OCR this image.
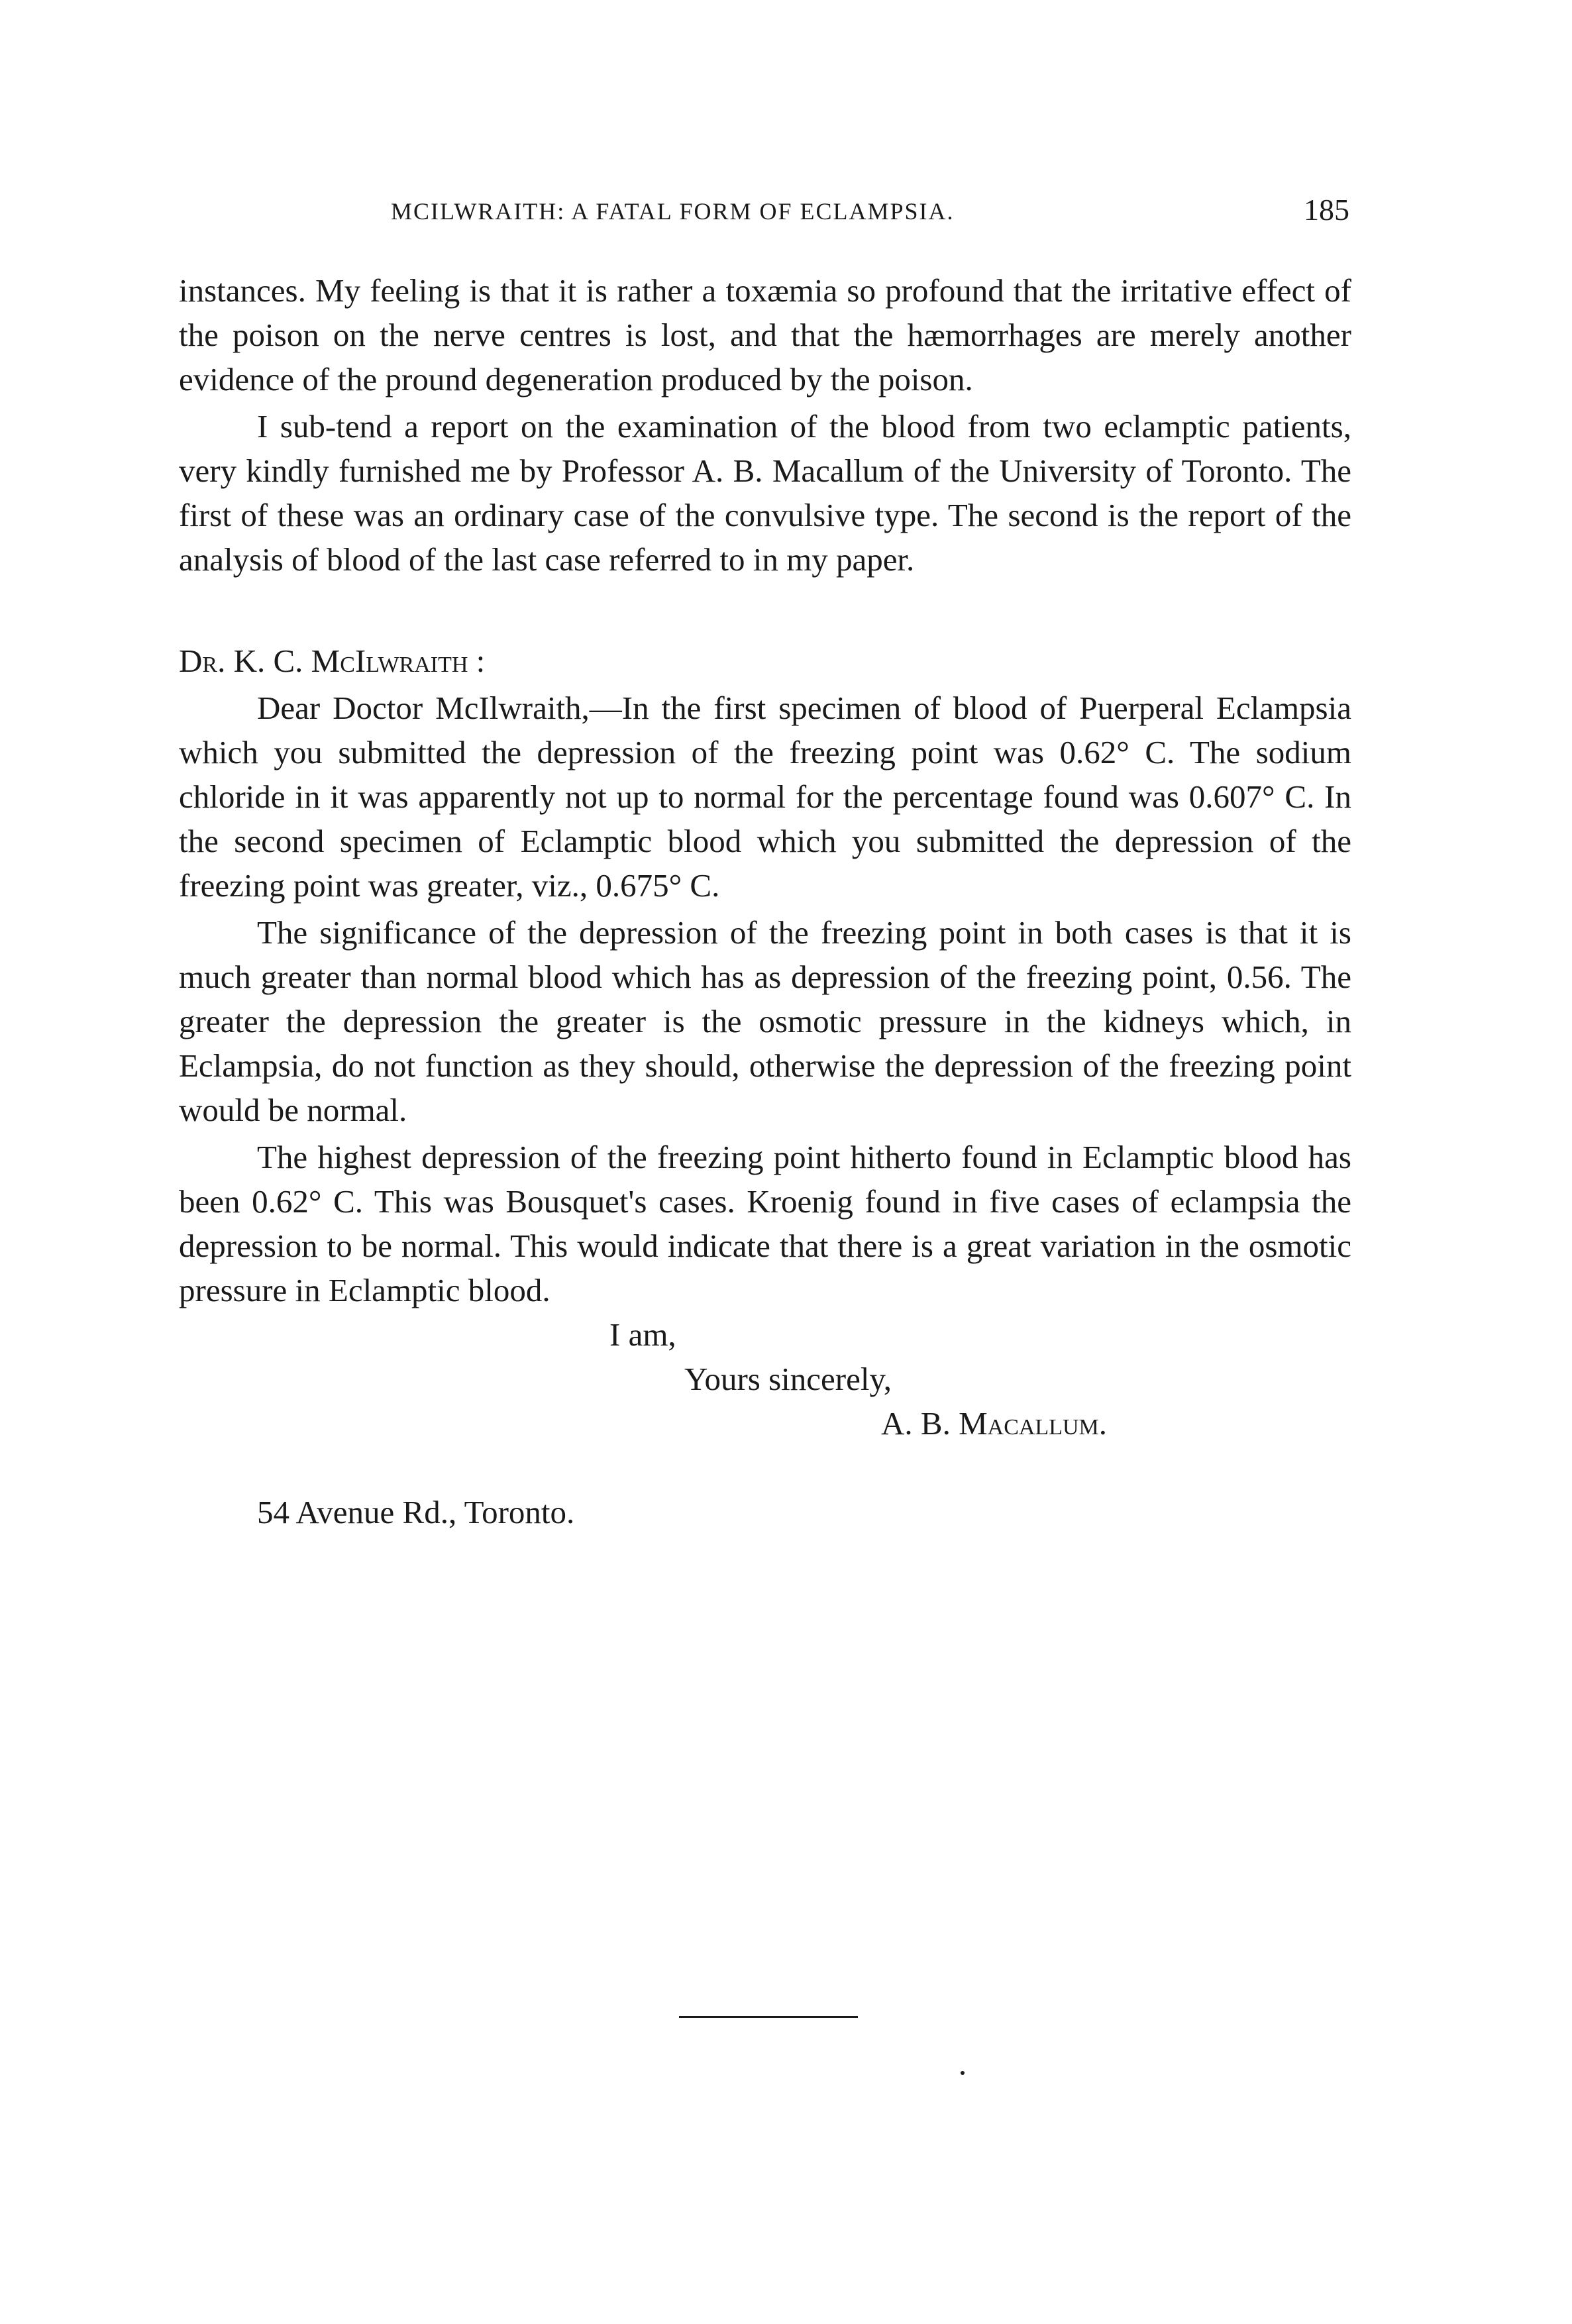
MCILWRAITH: A FATAL FORM OF ECLAMPSIA.	185

instances. My feeling is that it is rather a toxæmia so profound that the irritative effect of the poison on the nerve centres is lost, and that the hæmorrhages are merely another evidence of the pround degeneration produced by the poison.

I sub-tend a report on the examination of the blood from two eclamptic patients, very kindly furnished me by Professor A. B. Macallum of the University of Toronto. The first of these was an ordinary case of the convulsive type. The second is the report of the analysis of blood of the last case referred to in my paper.

Dr. K. C. McIlwraith :

Dear Doctor McIlwraith,—In the first specimen of blood of Puerperal Eclampsia which you submitted the depression of the freezing point was 0.62° C. The sodium chloride in it was apparently not up to normal for the percentage found was 0.607° C. In the second specimen of Eclamptic blood which you submitted the depression of the freezing point was greater, viz., 0.675° C.

The significance of the depression of the freezing point in both cases is that it is much greater than normal blood which has as depression of the freezing point, 0.56. The greater the depression the greater is the osmotic pressure in the kidneys which, in Eclampsia, do not function as they should, otherwise the depression of the freezing point would be normal.

The highest depression of the freezing point hitherto found in Eclamptic blood has been 0.62° C. This was Bousquet's cases. Kroenig found in five cases of eclampsia the depression to be normal. This would indicate that there is a great variation in the osmotic pressure in Eclamptic blood.

I am,

Yours sincerely,

A. B. Macallum.

54 Avenue Rd., Toronto.
